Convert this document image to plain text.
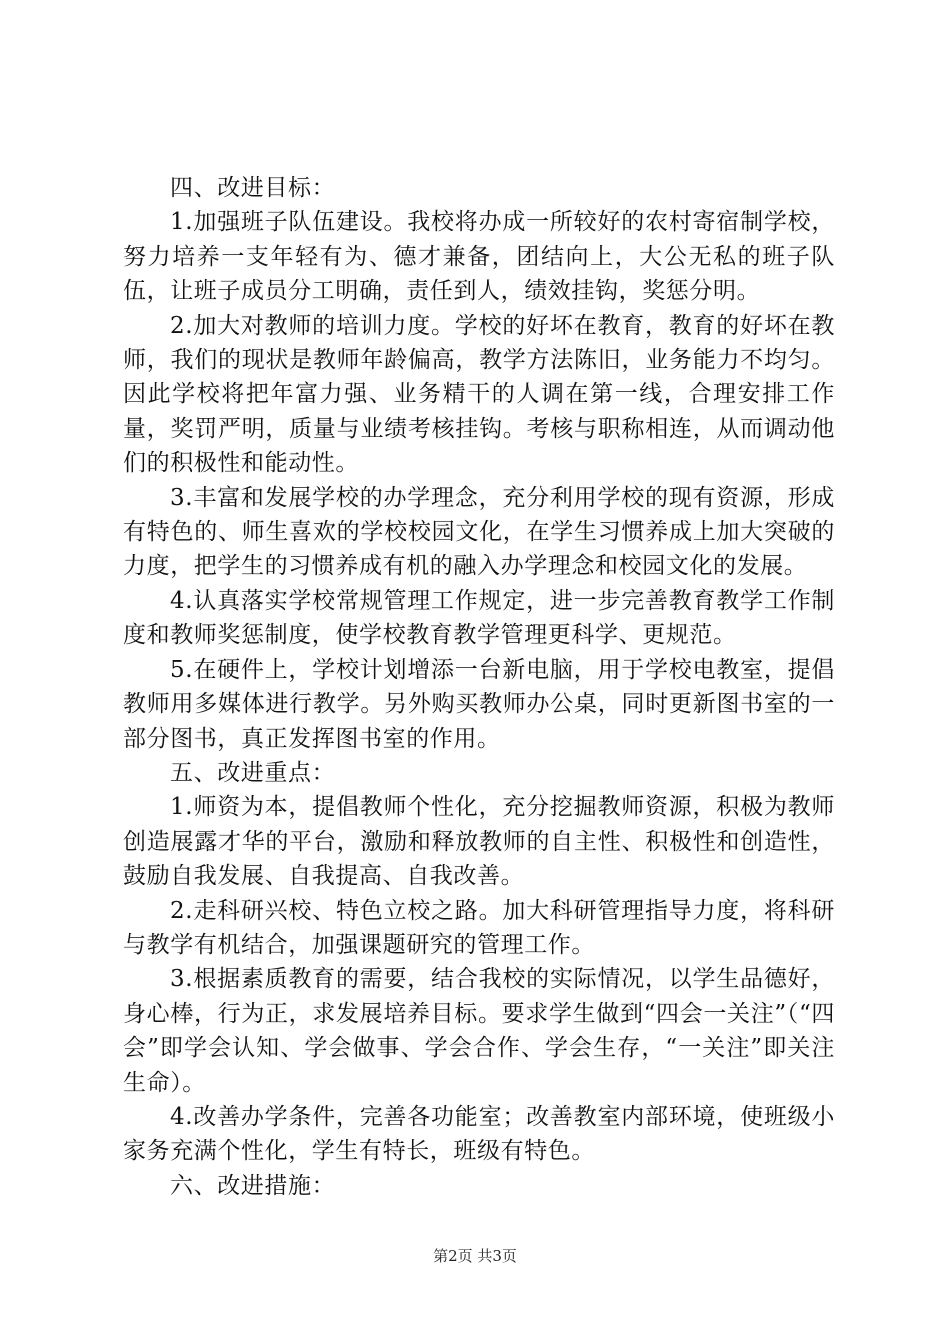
四、改进目标：

1.加强班子队伍建设。我校将办成一所较好的农村寄宿制学校，努力培养一支年轻有为、德才兼备，团结向上，大公无私的班子队伍，让班子成员分工明确，责任到人，绩效挂钩，奖惩分明。

2.加大对教师的培训力度。学校的好坏在教育，教育的好坏在教师，我们的现状是教师年龄偏高，教学方法陈旧，业务能力不均匀。因此学校将把年富力强、业务精干的人调在第一线，合理安排工作量，奖罚严明，质量与业绩考核挂钩。考核与职称相连，从而调动他们的积极性和能动性。

3.丰富和发展学校的办学理念，充分利用学校的现有资源，形成有特色的、师生喜欢的学校校园文化，在学生习惯养成上加大突破的力度，把学生的习惯养成有机的融入办学理念和校园文化的发展。

4.认真落实学校常规管理工作规定，进一步完善教育教学工作制度和教师奖惩制度，使学校教育教学管理更科学、更规范。

5.在硬件上，学校计划增添一台新电脑，用于学校电教室，提倡教师用多媒体进行教学。另外购买教师办公桌，同时更新图书室的一部分图书，真正发挥图书室的作用。

五、改进重点：

1.师资为本，提倡教师个性化，充分挖掘教师资源，积极为教师创造展露才华的平台，激励和释放教师的自主性、积极性和创造性，鼓励自我发展、自我提高、自我改善。

2.走科研兴校、特色立校之路。加大科研管理指导力度，将科研与教学有机结合，加强课题研究的管理工作。

3.根据素质教育的需要，结合我校的实际情况，以学生品德好，身心棒，行为正，求发展培养目标。要求学生做到“四会一关注”（“四会”即学会认知、学会做事、学会合作、学会生存，“一关注”即关注生命）。

4.改善办学条件，完善各功能室；改善教室内部环境，使班级小家务充满个性化，学生有特长，班级有特色。

六、改进措施：

第2页 共3页
